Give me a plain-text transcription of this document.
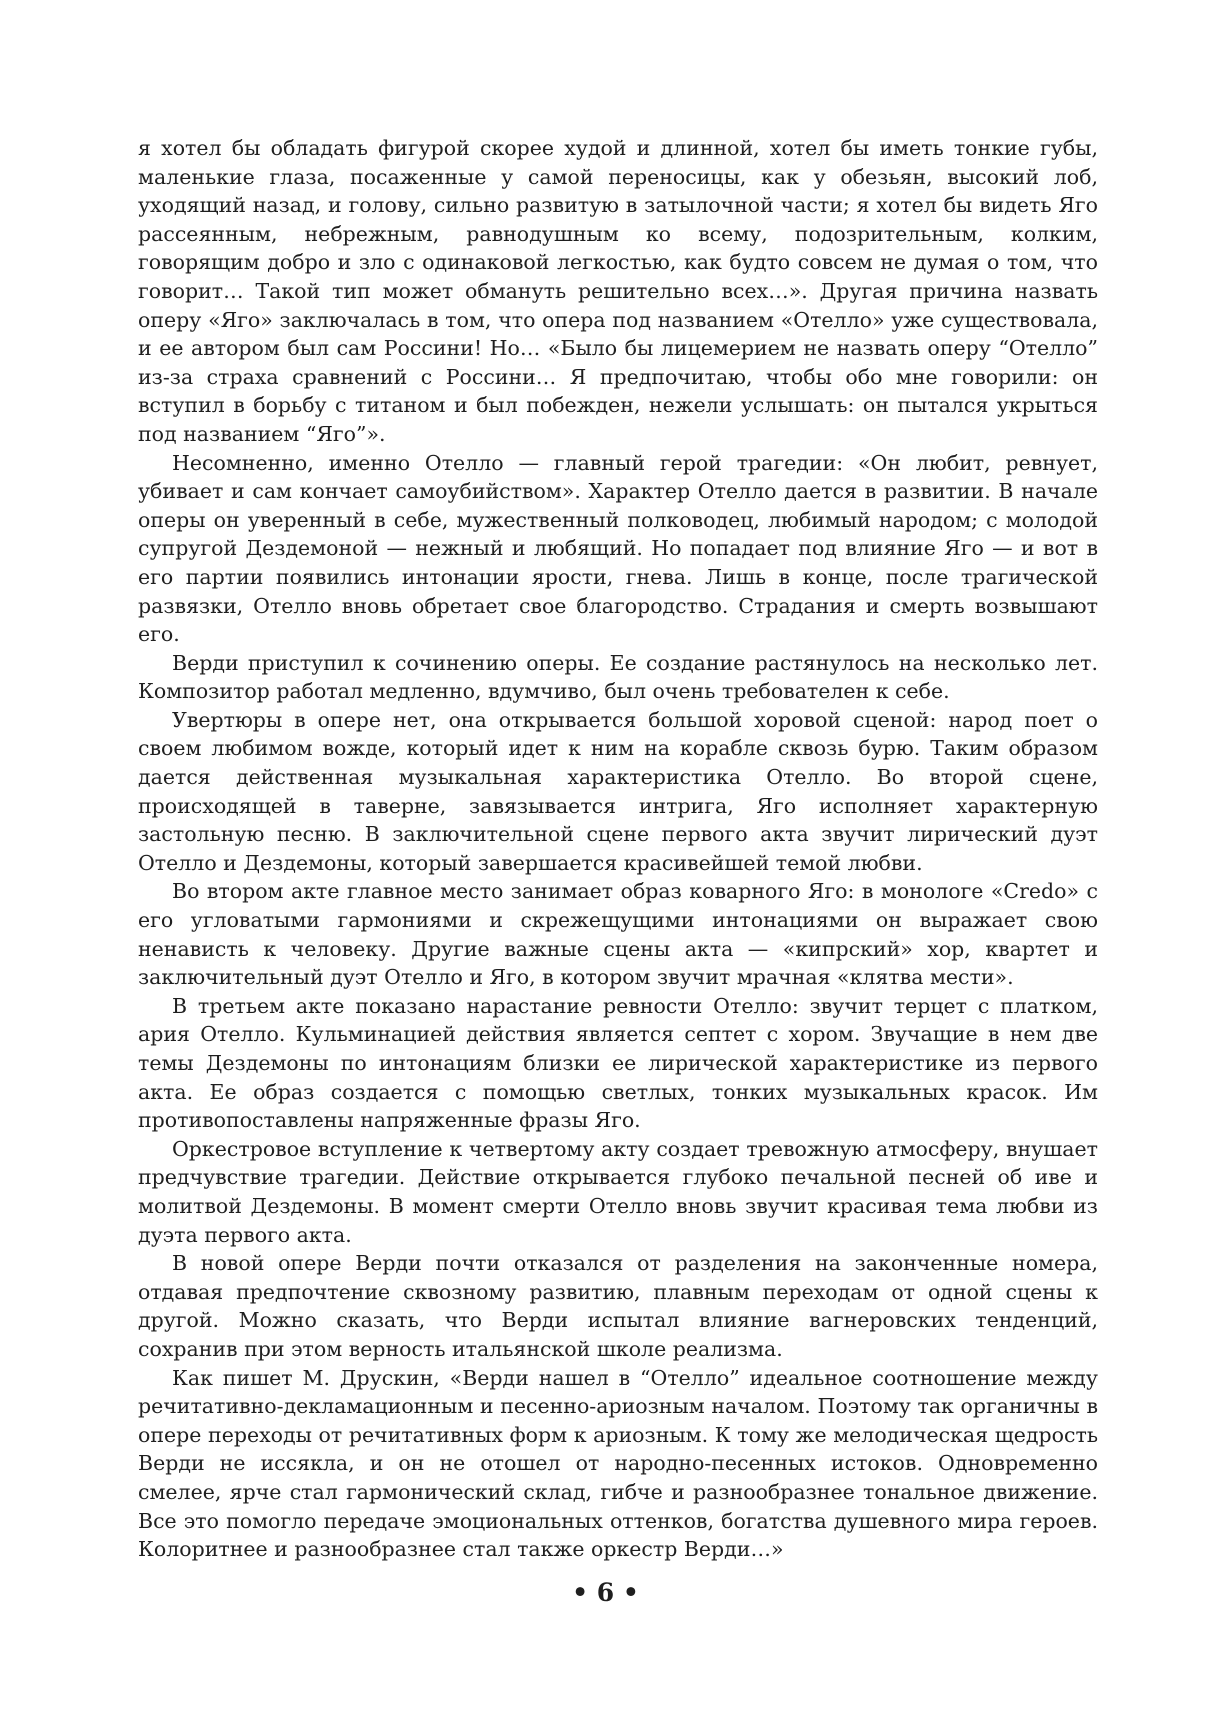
я хотел бы обладать фигурой скорее худой и длинной, хотел бы иметь тонкие губы, маленькие глаза, посаженные у самой переносицы, как у обезьян, высокий лоб, уходящий назад, и голову, сильно развитую в затылочной части; я хотел бы видеть Яго рассеянным, небрежным, равнодушным ко всему, подозрительным, колким, говорящим добро и зло с одинаковой легкостью, как будто совсем не думая о том, что говорит… Такой тип может обмануть решительно всех…». Другая причина назвать оперу «Яго» заключалась в том, что опера под названием «Отелло» уже существовала, и ее автором был сам Россини! Но… «Было бы лицемерием не назвать оперу “Отелло” из-за страха сравнений с Россини… Я предпочитаю, чтобы обо мне говорили: он вступил в борьбу с титаном и был побежден, нежели услышать: он пытался укрыться под названием “Яго”».

Несомненно, именно Отелло — главный герой трагедии: «Он любит, ревнует, убивает и сам кончает самоубийством». Характер Отелло дается в развитии. В начале оперы он уверенный в себе, мужественный полководец, любимый народом; с молодой супругой Дездемоной — нежный и любящий. Но попадает под влияние Яго — и вот в его партии появились интонации ярости, гнева. Лишь в конце, после трагической развязки, Отелло вновь обретает свое благородство. Страдания и смерть возвышают его.

Верди приступил к сочинению оперы. Ее создание растянулось на несколько лет. Композитор работал медленно, вдумчиво, был очень требователен к себе.

Увертюры в опере нет, она открывается большой хоровой сценой: народ поет о своем любимом вожде, который идет к ним на корабле сквозь бурю. Таким образом дается действенная музыкальная характеристика Отелло. Во второй сцене, происходящей в таверне, завязывается интрига, Яго исполняет характерную застольную песню. В заключительной сцене первого акта звучит лирический дуэт Отелло и Дездемоны, который завершается красивейшей темой любви.

Во втором акте главное место занимает образ коварного Яго: в монологе «Credo» с его угловатыми гармониями и скрежещущими интонациями он выражает свою ненависть к человеку. Другие важные сцены акта — «кипрский» хор, квартет и заключительный дуэт Отелло и Яго, в котором звучит мрачная «клятва мести».

В третьем акте показано нарастание ревности Отелло: звучит терцет с платком, ария Отелло. Кульминацией действия является септет с хором. Звучащие в нем две темы Дездемоны по интонациям близки ее лирической характеристике из первого акта. Ее образ создается с помощью светлых, тонких музыкальных красок. Им противопоставлены напряженные фразы Яго.

Оркестровое вступление к четвертому акту создает тревожную атмосферу, внушает предчувствие трагедии. Действие открывается глубоко печальной песней об иве и молитвой Дездемоны. В момент смерти Отелло вновь звучит красивая тема любви из дуэта первого акта.

В новой опере Верди почти отказался от разделения на законченные номера, отдавая предпочтение сквозному развитию, плавным переходам от одной сцены к другой. Можно сказать, что Верди испытал влияние вагнеровских тенденций, сохранив при этом верность итальянской школе реализма.

Как пишет М. Друскин, «Верди нашел в “Отелло” идеальное соотношение между речитативно-декламационным и песенно-ариозным началом. Поэтому так органичны в опере переходы от речитативных форм к ариозным. К тому же мелодическая щедрость Верди не иссякла, и он не отошел от народно-песенных истоков. Одновременно смелее, ярче стал гармонический склад, гибче и разнообразнее тональное движение. Все это помогло передаче эмоциональных оттенков, богатства душевного мира героев. Колоритнее и разнообразнее стал также оркестр Верди…»

• 6 •
